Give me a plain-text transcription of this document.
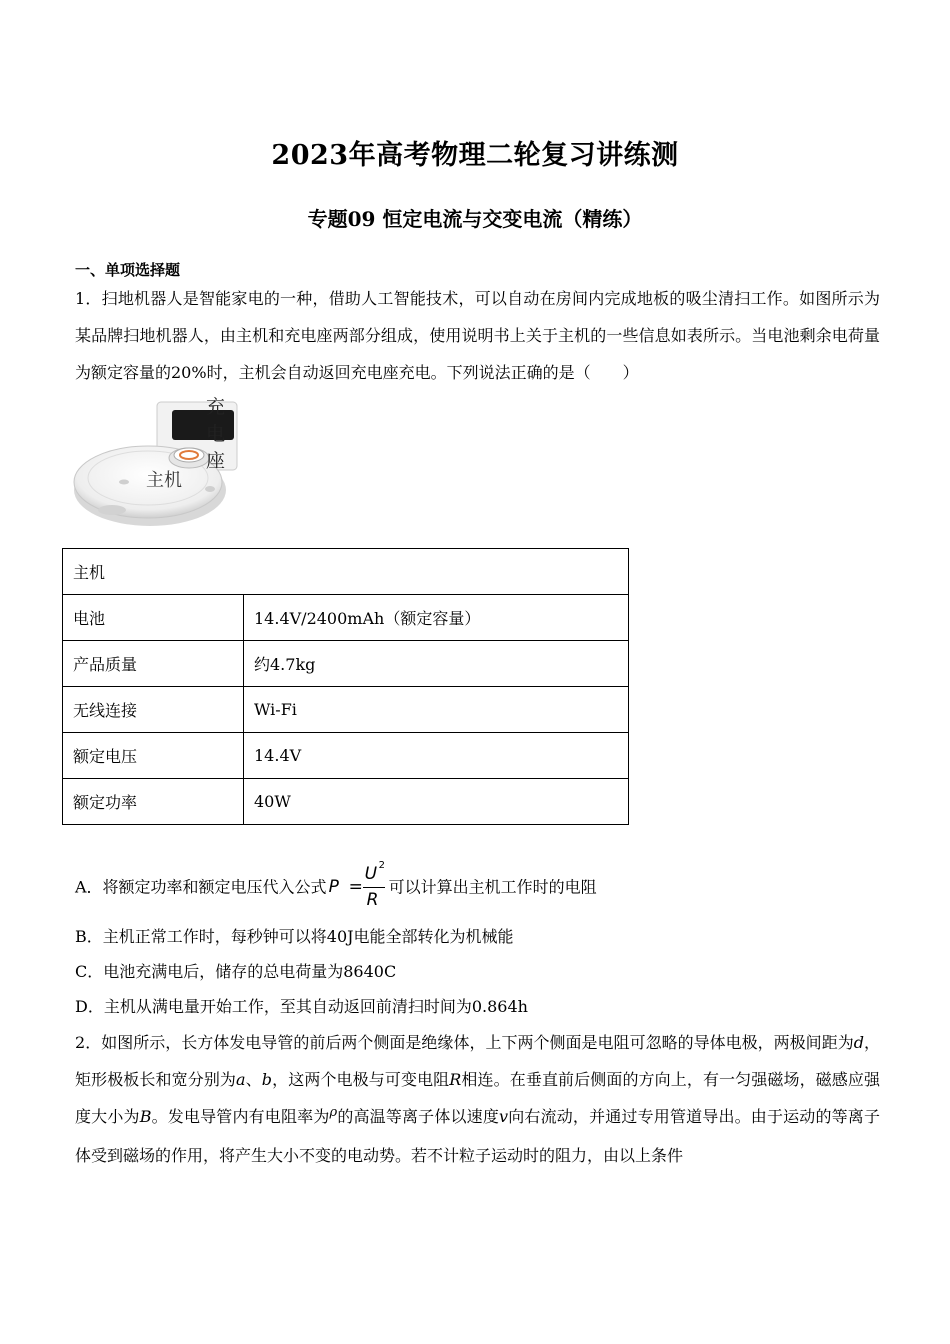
2023年高考物理二轮复习讲练测
专题09 恒定电流与交变电流（精练）
一、单项选择题
1．扫地机器人是智能家电的一种，借助人工智能技术，可以自动在房间内完成地板的吸尘清扫工作。如图所示为某品牌扫地机器人，由主机和充电座两部分组成，使用说明书上关于主机的一些信息如表所示。当电池剩余电荷量为额定容量的20%时，主机会自动返回充电座充电。下列说法正确的是（　　）
充电座
主机
主机	
电池	14.4V/2400mAh（额定容量）
产品质量	约4.7kg
无线连接	Wi-Fi
额定电压	14.4V
额定功率	40W
A．将额定功率和额定电压代入公式 P =
U 2
R
可以计算出主机工作时的电阻
B．主机正常工作时，每秒钟可以将40J电能全部转化为机械能
C．电池充满电后，储存的总电荷量为8640C
D．主机从满电量开始工作，至其自动返回前清扫时间为0.864h
2．如图所示，长方体发电导管的前后两个侧面是绝缘体，上下两个侧面是电阻可忽略的导体电极，两极间距为d，矩形极板长和宽分别为a、b，这两个电极与可变电阻R相连。在垂直前后侧面的方向上，有一匀强磁场，磁感应强度大小为B。发电导管内有电阻率为$^\rho$的高温等离子体以速度v向右流动，并通过专用管道导出。由于运动的等离子体受到磁场的作用，将产生大小不变的电动势。若不计粒子运动时的阻力，由以上条件
